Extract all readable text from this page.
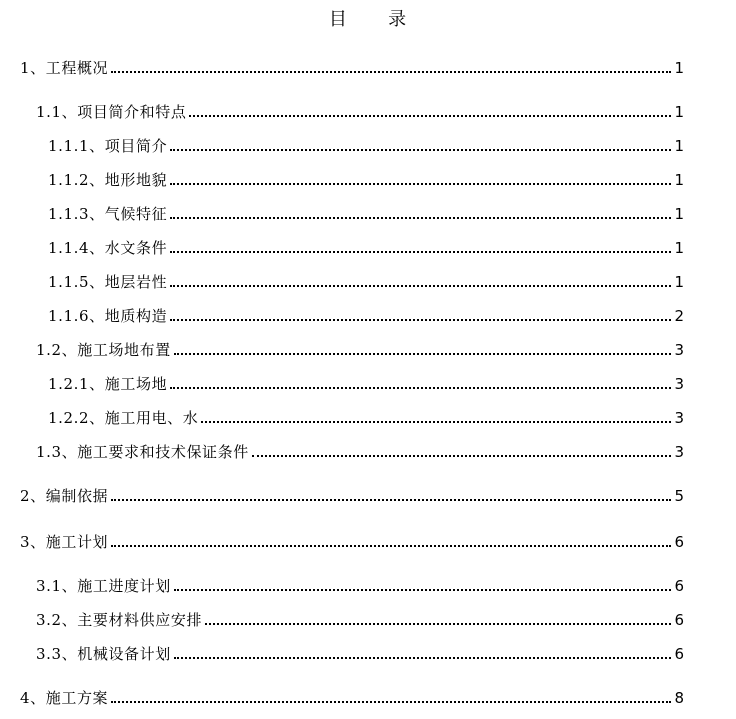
目      录
1、工程概况	1
1.1、项目简介和特点	1
1.1.1、项目简介	1
1.1.2、地形地貌	1
1.1.3、气候特征	1
1.1.4、水文条件	1
1.1.5、地层岩性	1
1.1.6、地质构造	2
1.2、施工场地布置	3
1.2.1、施工场地	3
1.2.2、施工用电、水	3
1.3、施工要求和技术保证条件	3
2、编制依据	5
3、施工计划	6
3.1、施工进度计划	6
3.2、主要材料供应安排	6
3.3、机械设备计划	6
4、施工方案	8
